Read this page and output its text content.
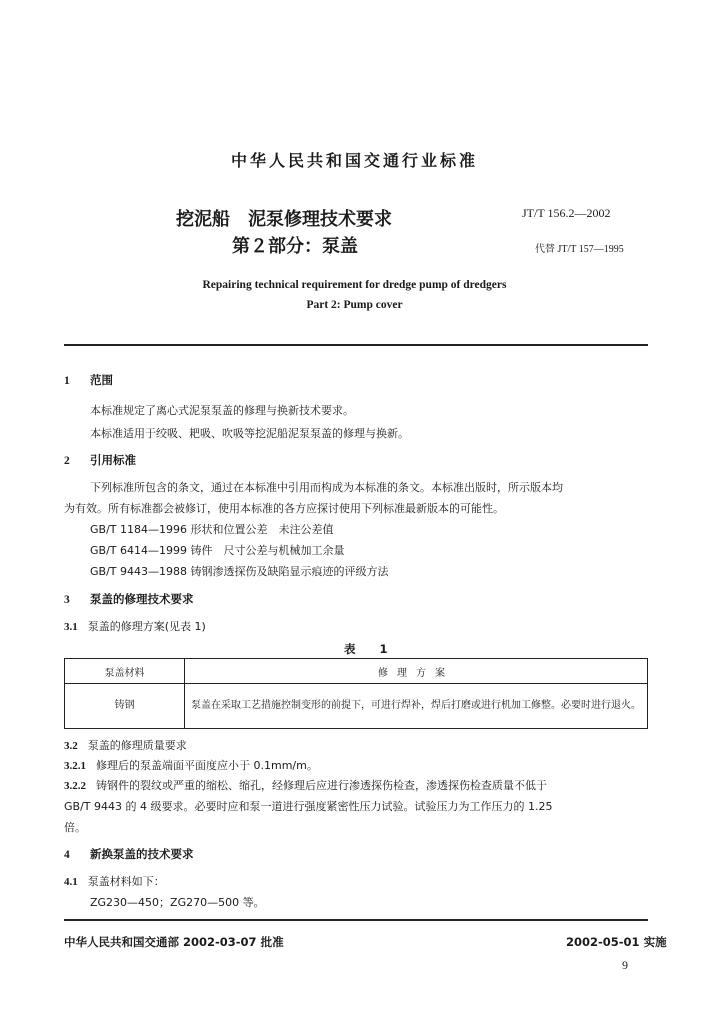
中华人民共和国交通行业标准
挖泥船　泥泵修理技术要求
第２部分：泵盖
JT/T 156.2—2002
代替 JT/T 157—1995
Repairing technical requirement for dredge pump of dredgers
Part 2: Pump cover
1 范围
本标准规定了离心式泥泵泵盖的修理与换新技术要求。
本标准适用于绞吸、耙吸、吹吸等挖泥船泥泵泵盖的修理与换新。
2 引用标准
下列标准所包含的条文，通过在本标准中引用而构成为本标准的条文。本标准出版时，所示版本均
为有效。所有标准都会被修订，使用本标准的各方应探讨使用下列标准最新版本的可能性。
GB/T 1184—1996 形状和位置公差　未注公差值
GB/T 6414—1999 铸件　尺寸公差与机械加工余量
GB/T 9443—1988 铸钢渗透探伤及缺陷显示痕迹的评级方法
3 泵盖的修理技术要求
3.1 泵盖的修理方案(见表 1)
表 1
泵盖材料	修理方案
铸钢	泵盖在采取工艺措施控制变形的前提下，可进行焊补，焊后打磨或进行机加工修整。必要时进行退火。
3.2 泵盖的修理质量要求
3.2.1 修理后的泵盖端面平面度应小于 0.1mm/m。
3.2.2 铸钢件的裂纹或严重的缩松、缩孔，经修理后应进行渗透探伤检查，渗透探伤检查质量不低于
GB/T 9443 的 4 级要求。必要时应和泵一道进行强度紧密性压力试验。试验压力为工作压力的 1.25
倍。
4 新换泵盖的技术要求
4.1 泵盖材料如下：
ZG230—450；ZG270—500 等。
中华人民共和国交通部 2002-03-07 批准	2002-05-01 实施
9
